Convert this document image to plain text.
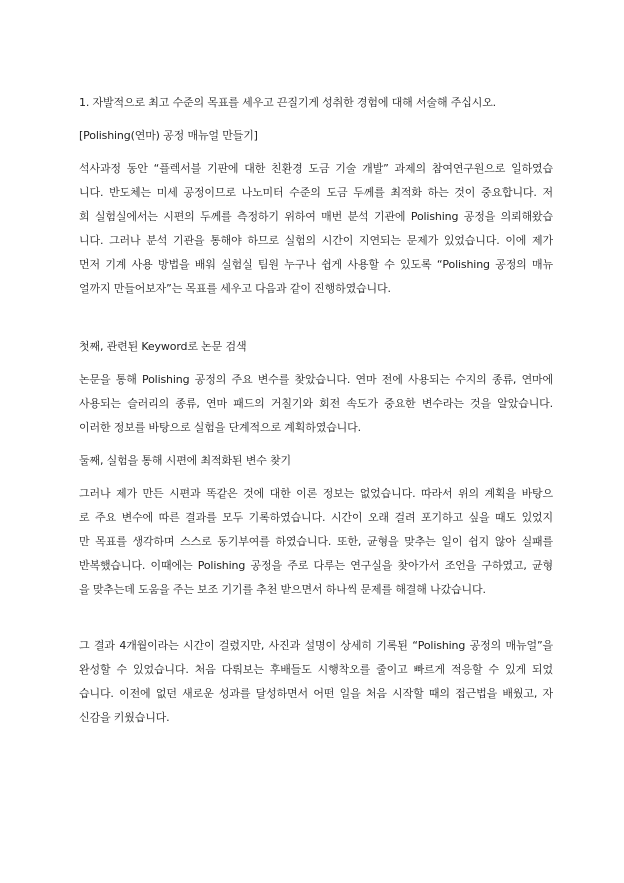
1. 자발적으로 최고 수준의 목표를 세우고 끈질기게 성취한 경험에 대해 서술해 주십시오.
[Polishing(연마) 공정 매뉴얼 만들기]
석사과정 동안 “플렉서블 기판에 대한 친환경 도금 기술 개발” 과제의 참여연구원으로 일하였습
니다. 반도체는 미세 공정이므로 나노미터 수준의 도금 두께를 최적화 하는 것이 중요합니다. 저
희 실험실에서는 시편의 두께를 측정하기 위하여 매번 분석 기관에 Polishing 공정을 의뢰해왔습
니다. 그러나 분석 기관을 통해야 하므로 실험의 시간이 지연되는 문제가 있었습니다. 이에 제가
먼저 기계 사용 방법을 배워 실험실 팀원 누구나 쉽게 사용할 수 있도록 “Polishing 공정의 매뉴
얼까지 만들어보자”는 목표를 세우고 다음과 같이 진행하였습니다.
첫째, 관련된 Keyword로 논문 검색
논문을 통해 Polishing 공정의 주요 변수를 찾았습니다. 연마 전에 사용되는 수지의 종류, 연마에
사용되는 슬러리의 종류, 연마 패드의 거칠기와 회전 속도가 중요한 변수라는 것을 알았습니다.
이러한 정보를 바탕으로 실험을 단계적으로 계획하였습니다.
둘째, 실험을 통해 시편에 최적화된 변수 찾기
그러나 제가 만든 시편과 똑같은 것에 대한 이론 정보는 없었습니다. 따라서 위의 계획을 바탕으
로 주요 변수에 따른 결과를 모두 기록하였습니다. 시간이 오래 걸려 포기하고 싶을 때도 있었지
만 목표를 생각하며 스스로 동기부여를 하였습니다. 또한, 균형을 맞추는 일이 쉽지 않아 실패를
반복했습니다. 이때에는 Polishing 공정을 주로 다루는 연구실을 찾아가서 조언을 구하였고, 균형
을 맞추는데 도움을 주는 보조 기기를 추천 받으면서 하나씩 문제를 해결해 나갔습니다.
그 결과 4개월이라는 시간이 걸렸지만, 사진과 설명이 상세히 기록된 “Polishing 공정의 매뉴얼”을
완성할 수 있었습니다. 처음 다뤄보는 후배들도 시행착오를 줄이고 빠르게 적응할 수 있게 되었
습니다. 이전에 없던 새로운 성과를 달성하면서 어떤 일을 처음 시작할 때의 접근법을 배웠고, 자
신감을 키웠습니다.
